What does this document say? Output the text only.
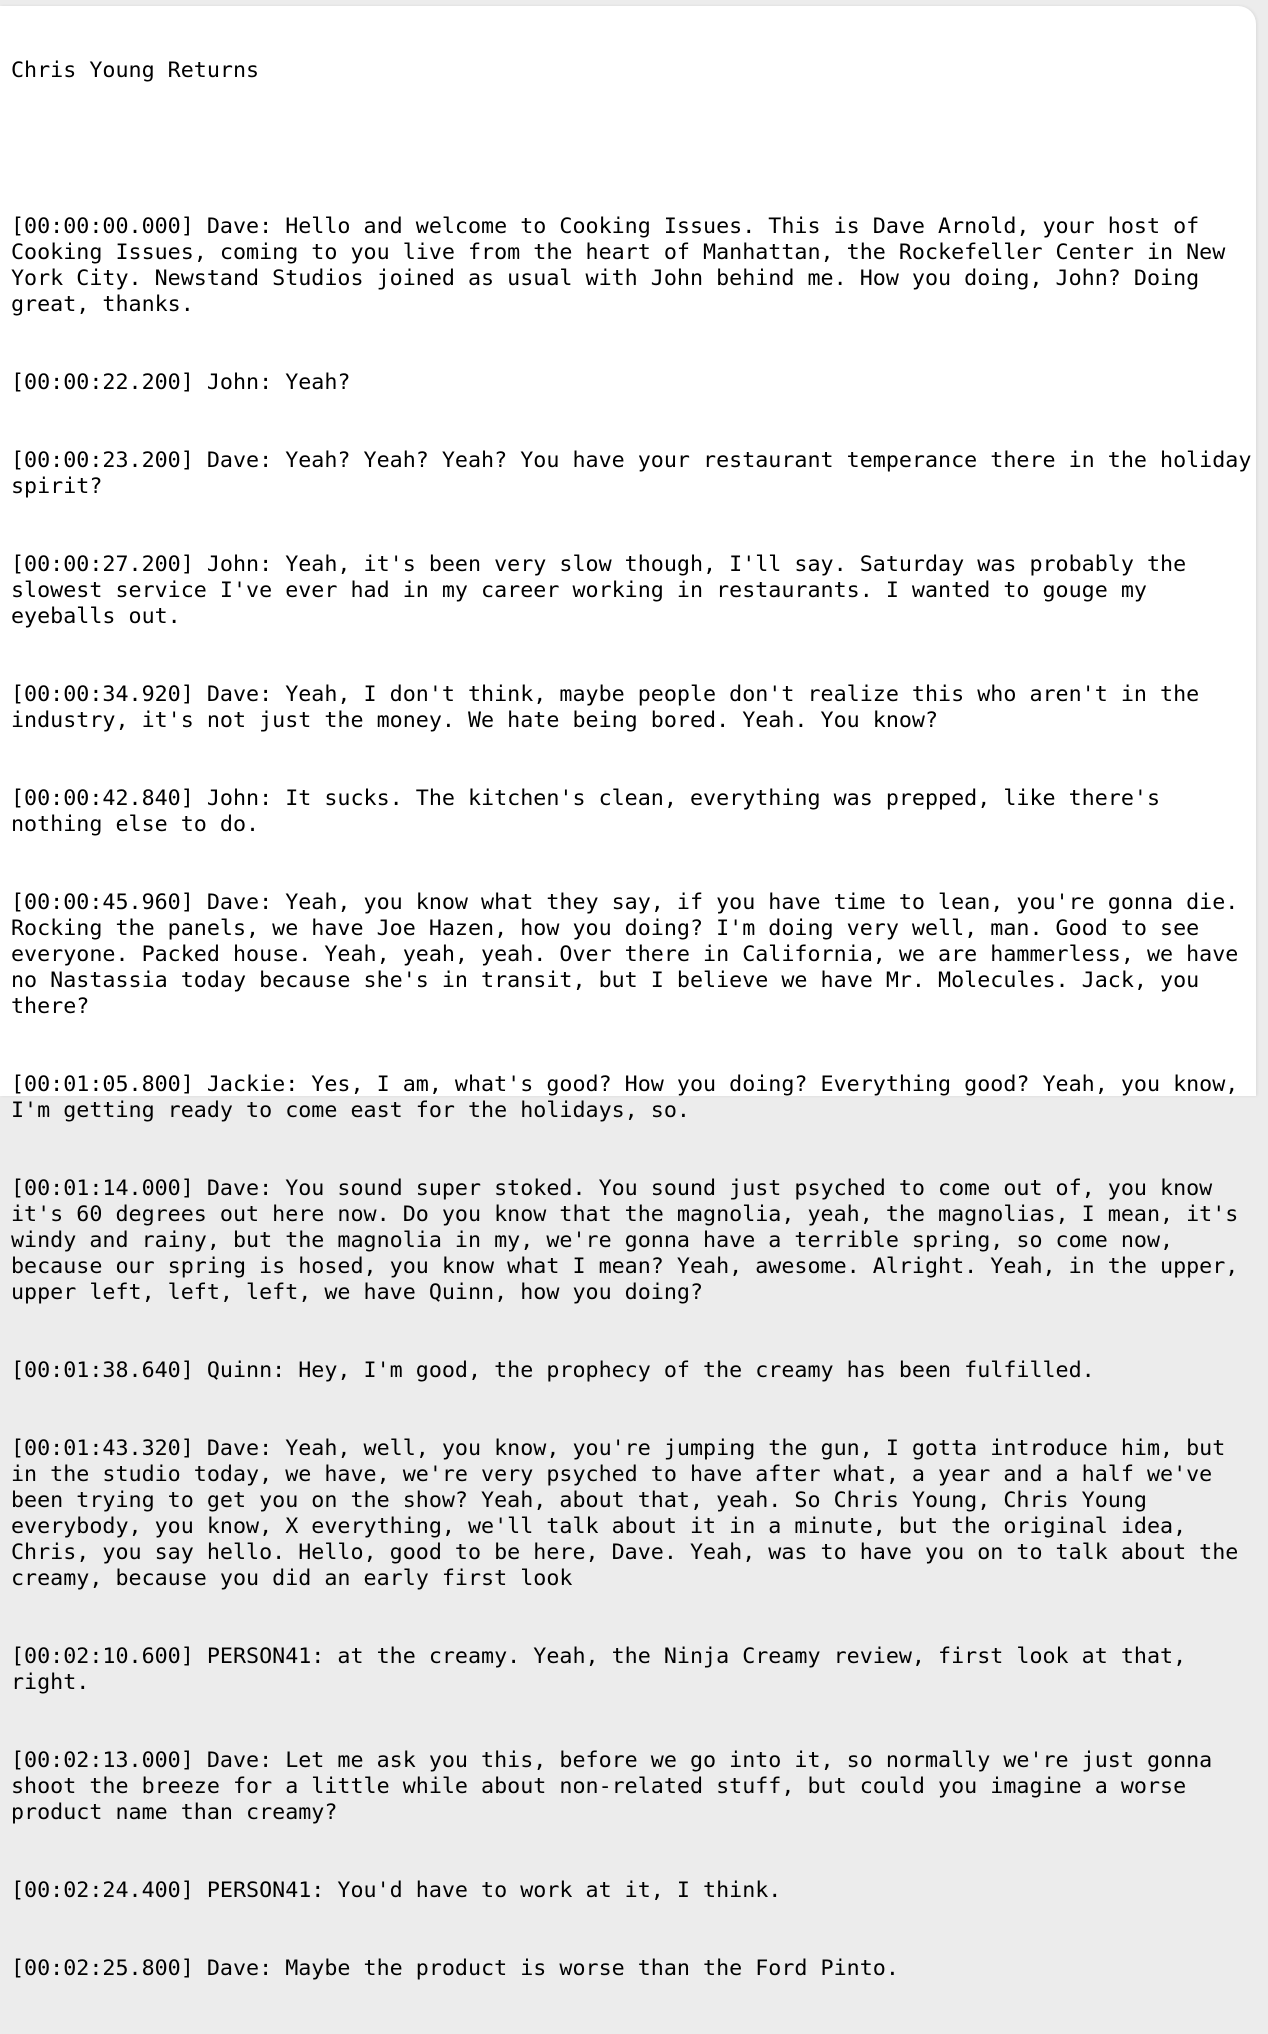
Chris Young Returns

[00:00:00.000] Dave: Hello and welcome to Cooking Issues. This is Dave Arnold, your host of Cooking Issues, coming to you live from the heart of Manhattan, the Rockefeller Center in New York City. Newstand Studios joined as usual with John behind me. How you doing, John? Doing great, thanks.

[00:00:22.200] John: Yeah?

[00:00:23.200] Dave: Yeah? Yeah? Yeah? You have your restaurant temperance there in the holiday spirit?

[00:00:27.200] John: Yeah, it's been very slow though, I'll say. Saturday was probably the slowest service I've ever had in my career working in restaurants. I wanted to gouge my eyeballs out.

[00:00:34.920] Dave: Yeah, I don't think, maybe people don't realize this who aren't in the industry, it's not just the money. We hate being bored. Yeah. You know?

[00:00:42.840] John: It sucks. The kitchen's clean, everything was prepped, like there's nothing else to do.

[00:00:45.960] Dave: Yeah, you know what they say, if you have time to lean, you're gonna die. Rocking the panels, we have Joe Hazen, how you doing? I'm doing very well, man. Good to see everyone. Packed house. Yeah, yeah, yeah. Over there in California, we are hammerless, we have no Nastassia today because she's in transit, but I believe we have Mr. Molecules. Jack, you there?

[00:01:05.800] Jackie: Yes, I am, what's good? How you doing? Everything good? Yeah, you know, I'm getting ready to come east for the holidays, so.

[00:01:14.000] Dave: You sound super stoked. You sound just psyched to come out of, you know it's 60 degrees out here now. Do you know that the magnolia, yeah, the magnolias, I mean, it's windy and rainy, but the magnolia in my, we're gonna have a terrible spring, so come now, because our spring is hosed, you know what I mean? Yeah, awesome. Alright. Yeah, in the upper, upper left, left, left, we have Quinn, how you doing?

[00:01:38.640] Quinn: Hey, I'm good, the prophecy of the creamy has been fulfilled.

[00:01:43.320] Dave: Yeah, well, you know, you're jumping the gun, I gotta introduce him, but in the studio today, we have, we're very psyched to have after what, a year and a half we've been trying to get you on the show? Yeah, about that, yeah. So Chris Young, Chris Young everybody, you know, X everything, we'll talk about it in a minute, but the original idea, Chris, you say hello. Hello, good to be here, Dave. Yeah, was to have you on to talk about the creamy, because you did an early first look

[00:02:10.600] PERSON41: at the creamy. Yeah, the Ninja Creamy review, first look at that, right.

[00:02:13.000] Dave: Let me ask you this, before we go into it, so normally we're just gonna shoot the breeze for a little while about non-related stuff, but could you imagine a worse product name than creamy?

[00:02:24.400] PERSON41: You'd have to work at it, I think.

[00:02:25.800] Dave: Maybe the product is worse than the Ford Pinto.
